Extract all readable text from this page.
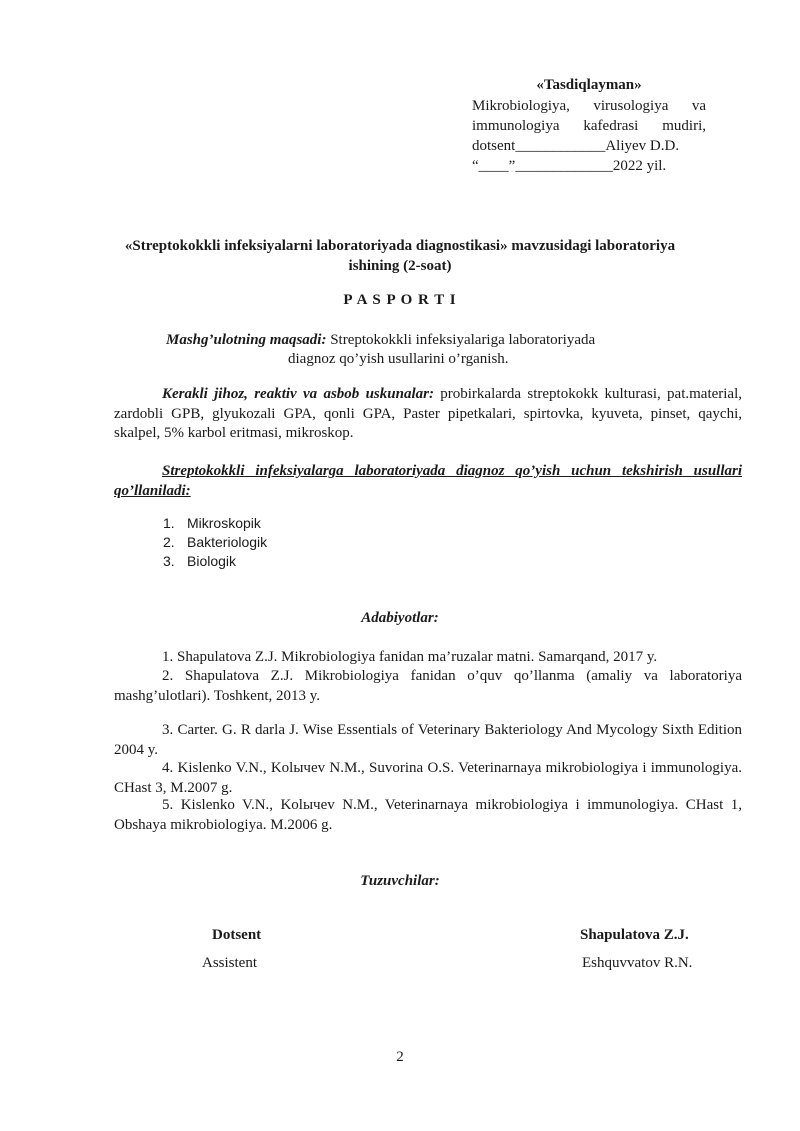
«Tasdiqlayman»
Mikrobiologiya, virusologiya va
immunologiya kafedrasi mudiri,
dotsent____________Aliyev D.D.
“____”_____________2022 yil.
«Streptokokkli infeksiyalarni laboratoriyada diagnostikasi» mavzusidagi laboratoriya
ishining (2-soat)
P A S P O R T I
Mashg’ulotning maqsadi: Streptokokkli infeksiyalariga laboratoriyada
diagnoz qo’yish usullarini o’rganish.
Kerakli jihoz, reaktiv va asbob uskunalar: probirkalarda streptokokk kulturasi, pat.material, zardobli GPB, glyukozali GPA, qonli GPA, Paster pipetkalari, spirtovka, kyuveta, pinset, qaychi, skalpel, 5% karbol eritmasi, mikroskop.
Streptokokkli infeksiyalarga laboratoriyada diagnoz qo’yish uchun tekshirish usullari qo’llaniladi:
1. Mikroskopik
2. Bakteriologik
3. Biologik
Adabiyotlar:
1. Shapulatova Z.J. Mikrobiologiya fanidan ma’ruzalar matni. Samarqand, 2017 y.
2. Shapulatova Z.J. Mikrobiologiya fanidan o’quv qo’llanma (amaliy va laboratoriya mashg’ulotlari). Toshkent, 2013 y.
3. Carter. G. R darla J. Wise Essentials of Veterinary Bakteriology And Mycology Sixth Edition 2004 y.
4. Kislenko V.N., Kolычev N.M., Suvorina O.S. Veterinarnaya mikrobiologiya i immunologiya. CHast 3, M.2007 g.
5. Kislenko V.N., Kolычev N.M., Veterinarnaya mikrobiologiya i immunologiya. CHast 1, Obshaya mikrobiologiya. M.2006 g.
Tuzuvchilar:
Dotsent	Shapulatova Z.J.
Assistent	Eshquvvatov R.N.
2
